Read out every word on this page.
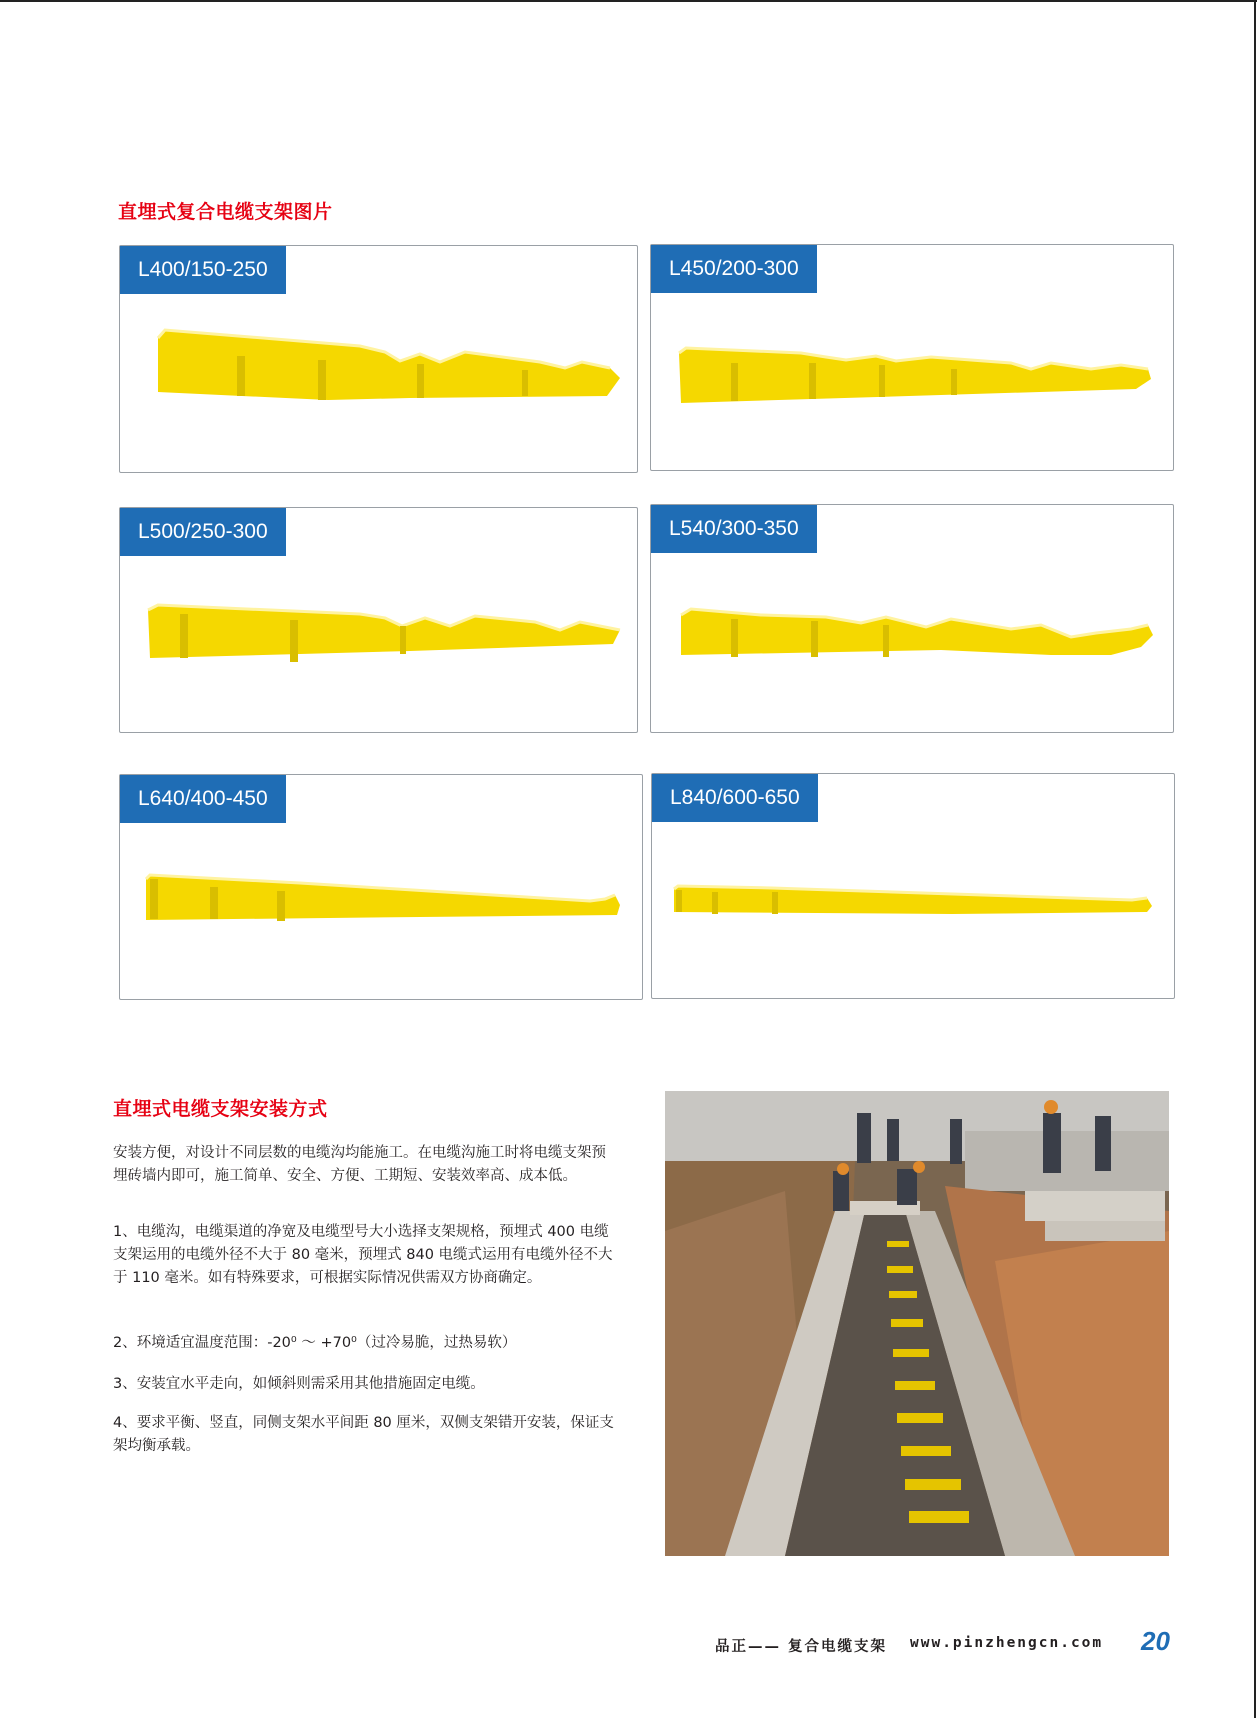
直埋式复合电缆支架图片
L400/150-250	L450/200-300
L500/250-300	L540/300-350
L640/400-450	L840/600-650
直埋式电缆支架安装方式

安装方便，对设计不同层数的电缆沟均能施工。在电缆沟施工时将电缆支架预埋砖墙内即可，施工简单、安全、方便、工期短、安装效率高、成本低。

1、电缆沟，电缆渠道的净宽及电缆型号大小选择支架规格，预埋式 400 电缆支架运用的电缆外径不大于 80 毫米，预埋式 840 电缆式运用有电缆外径不大于 110 毫米。如有特殊要求，可根据实际情况供需双方协商确定。

2、环境适宜温度范围：-20⁰ ～ +70⁰（过冷易脆，过热易软）

3、安装宜水平走向，如倾斜则需采用其他措施固定电缆。

4、要求平衡、竖直，同侧支架水平间距 80 厘米，双侧支架错开安装，保证支架均衡承载。

品正—— 复合电缆支架 www.pinzhengcn.com 20
